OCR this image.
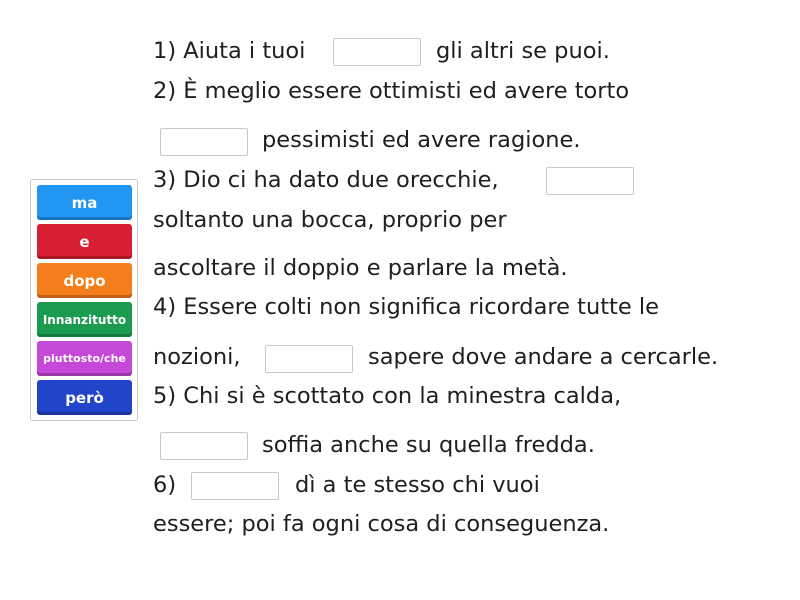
ma
e
dopo
Innanzitutto
piuttosto/che
però
1) Aiuta i tuoi	gli altri se puoi.
2) È meglio essere ottimisti ed avere torto
pessimisti ed avere ragione.
3) Dio ci ha dato due orecchie,
soltanto una bocca, proprio per
ascoltare il doppio e parlare la metà.
4) Essere colti non significa ricordare tutte le
nozioni,	sapere dove andare a cercarle.
5) Chi si è scottato con la minestra calda,
soffia anche su quella fredda.
6)	dì a te stesso chi vuoi
essere; poi fa ogni cosa di conseguenza.
